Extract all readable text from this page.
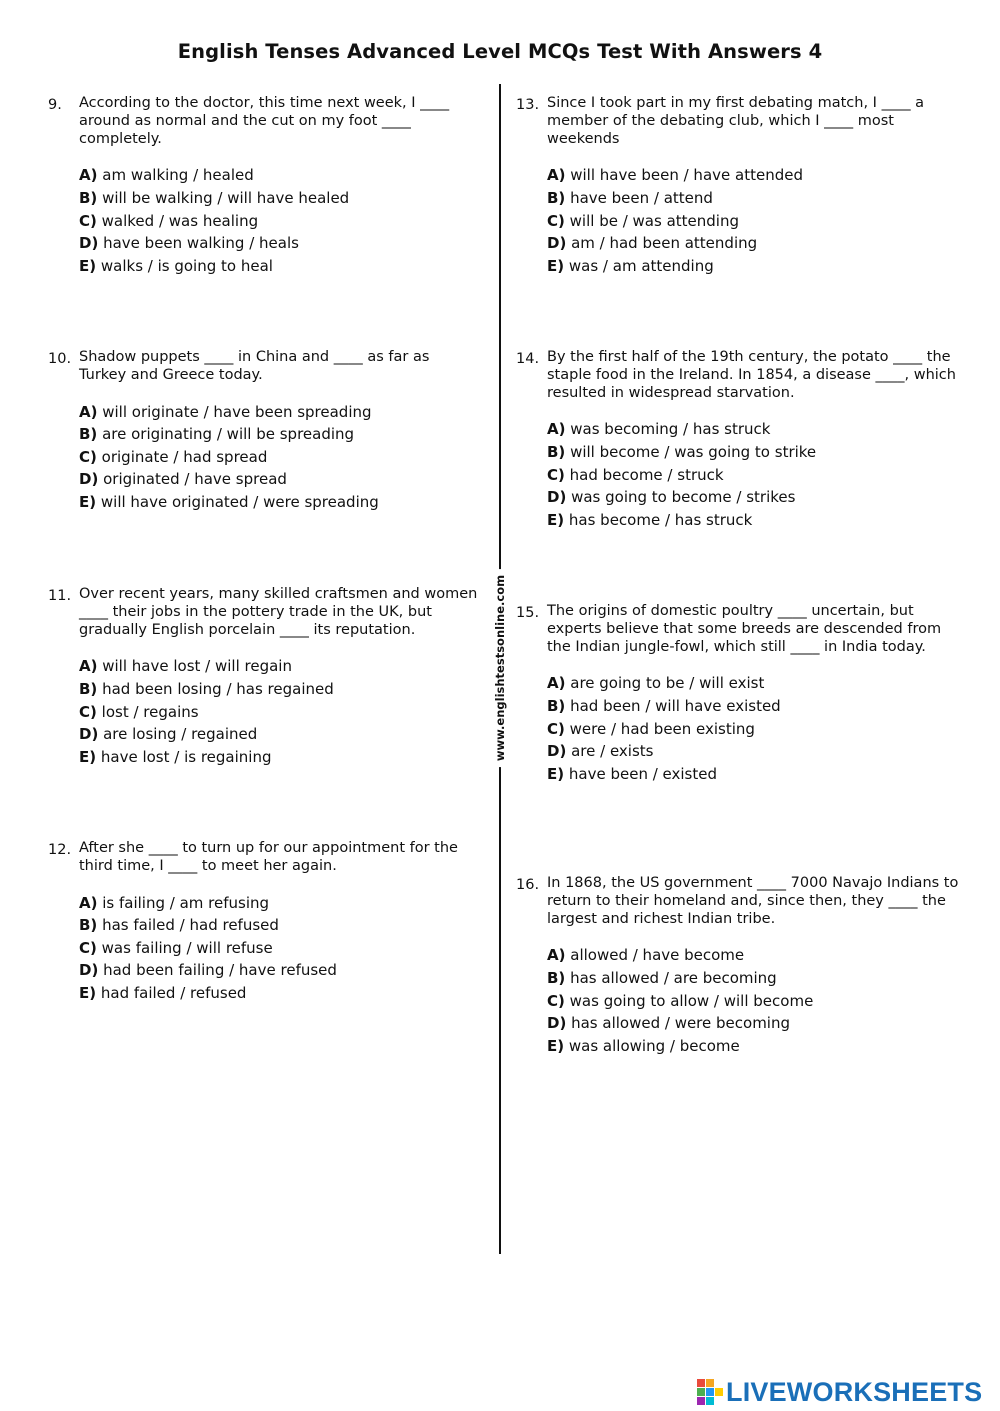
English Tenses Advanced Level MCQs Test With Answers 4
www.englishtestsonline.com
9. According to the doctor, this time next week, I ____ around as normal and the cut on my foot ____ completely.

A) am walking / healed
B) will be walking / will have healed
C) walked / was healing
D) have been walking / heals
E) walks / is going to heal
10. Shadow puppets ____ in China and ____ as far as Turkey and Greece today.

A) will originate / have been spreading
B) are originating / will be spreading
C) originate / had spread
D) originated / have spread
E) will have originated / were spreading
11. Over recent years, many skilled craftsmen and women ____ their jobs in the pottery trade in the UK, but gradually English porcelain ____ its reputation.

A) will have lost / will regain
B) had been losing / has regained
C) lost / regains
D) are losing / regained
E) have lost / is regaining
12. After she ____ to turn up for our appointment for the third time, I ____ to meet her again.

A) is failing / am refusing
B) has failed / had refused
C) was failing / will refuse
D) had been failing / have refused
E) had failed / refused
13. Since I took part in my first debating match, I ____ a member of the debating club, which I ____ most weekends

A) will have been / have attended
B) have been / attend
C) will be / was attending
D) am / had been attending
E) was / am attending
14. By the first half of the 19th century, the potato ____ the staple food in the Ireland. In 1854, a disease ____, which resulted in widespread starvation.

A) was becoming / has struck
B) will become / was going to strike
C) had become / struck
D) was going to become / strikes
E) has become / has struck
15. The origins of domestic poultry ____ uncertain, but experts believe that some breeds are descended from the Indian jungle-fowl, which still ____ in India today.

A) are going to be / will exist
B) had been / will have existed
C) were / had been existing
D) are / exists
E) have been / existed
16. In 1868, the US government ____ 7000 Navajo Indians to return to their homeland and, since then, they ____ the largest and richest Indian tribe.

A) allowed / have become
B) has allowed / are becoming
C) was going to allow / will become
D) has allowed / were becoming
E) was allowing / become
LIVEWORKSHEETS
